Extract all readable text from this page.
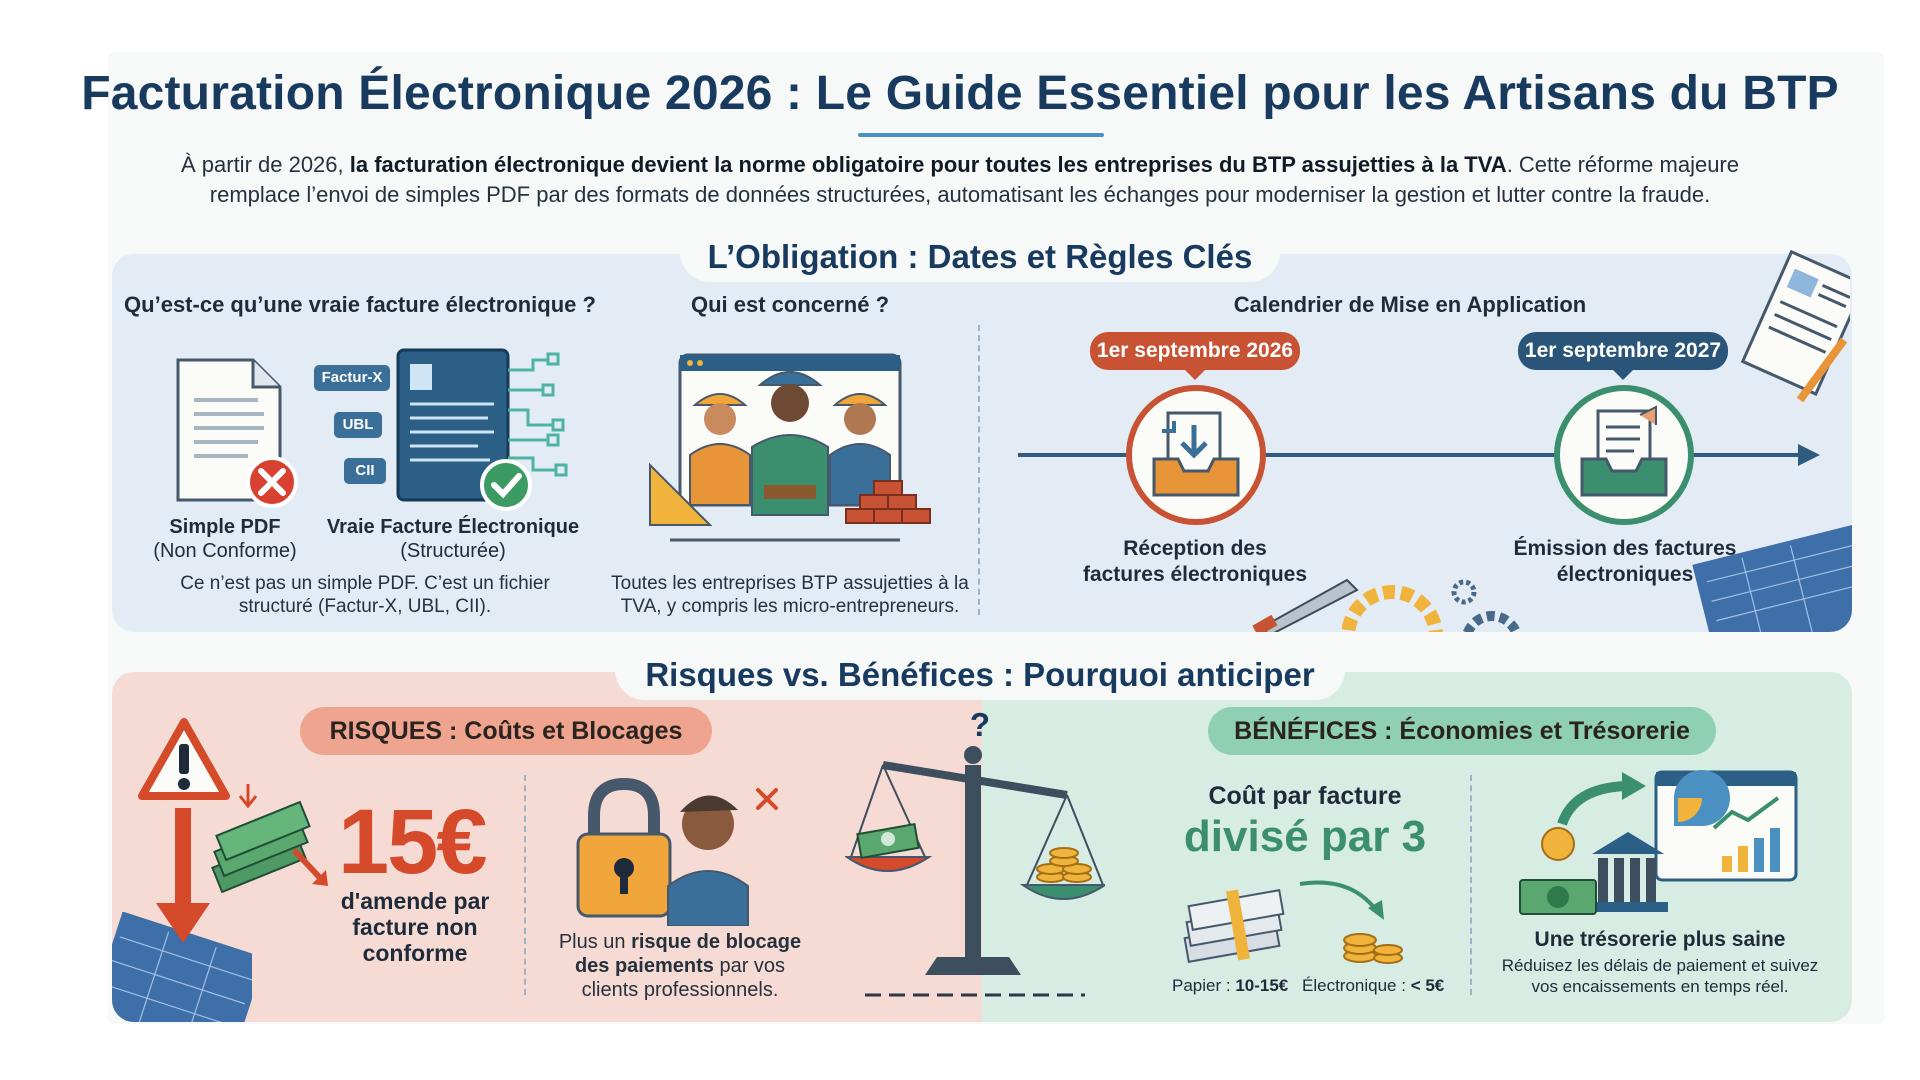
Facturation Électronique 2026 : Le Guide Essentiel pour les Artisans du BTP

À partir de 2026, la facturation électronique devient la norme obligatoire pour toutes les entreprises du BTP assujetties à la TVA. Cette réforme majeure remplace l’envoi de simples PDF par des formats de données structurées, automatisant les échanges pour moderniser la gestion et lutter contre la fraude.

L’Obligation : Dates et Règles Clés
Qu’est-ce qu’une vraie facture électronique ?
Factur-X
UBL
CII
Simple PDF
(Non Conforme)
Vraie Facture Électronique
(Structurée)
Ce n’est pas un simple PDF. C’est un fichier structuré (Factur-X, UBL, CII).
Qui est concerné ?
Toutes les entreprises BTP assujetties à la TVA, y compris les micro-entrepreneurs.
Calendrier de Mise en Application
1er septembre 2026	1er septembre 2027
Réception des factures électroniques
Émission des factures électroniques
Risques vs. Bénéfices : Pourquoi anticiper ?
RISQUES : Coûts et Blocages	BÉNÉFICES : Économies et Trésorerie
15€
d'amende par facture non conforme	Plus un risque de blocage des paiements par vos clients professionnels.
Coût par facture
divisé par 3
Papier : 10-15€ Électronique : < 5€
Une trésorerie plus saine
Réduisez les délais de paiement et suivez vos encaissements en temps réel.
